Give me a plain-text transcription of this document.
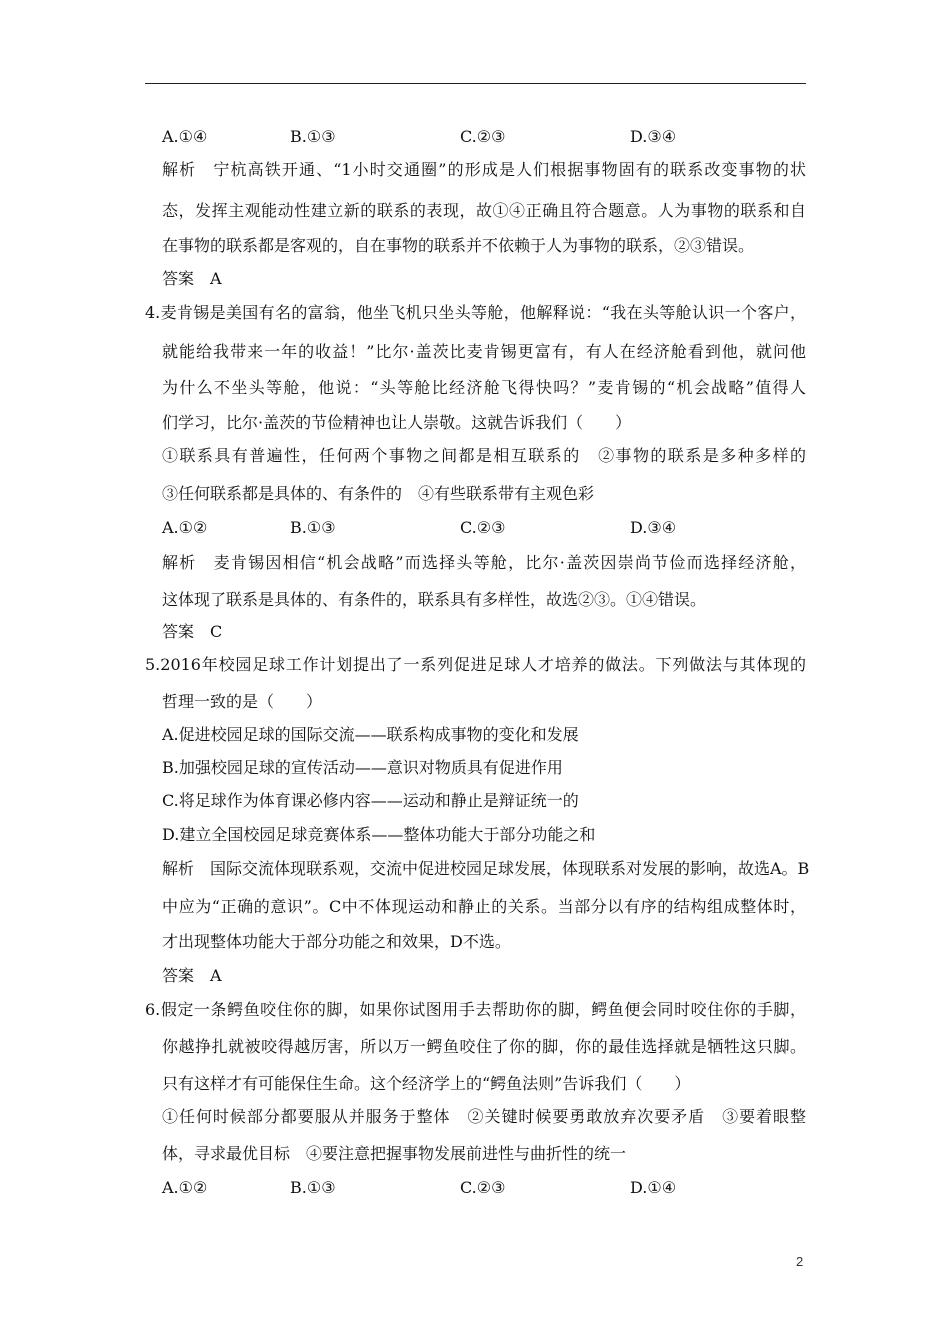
A.①④	B.①③	C.②③	D.③④
解析　宁杭高铁开通、“1小时交通圈”的形成是人们根据事物固有的联系改变事物的状
态，发挥主观能动性建立新的联系的表现，故①④正确且符合题意。人为事物的联系和自
在事物的联系都是客观的，自在事物的联系并不依赖于人为事物的联系，②③错误。
答案　A
4.麦肯锡是美国有名的富翁，他坐飞机只坐头等舱，他解释说：“我在头等舱认识一个客户，
就能给我带来一年的收益！”比尔·盖茨比麦肯锡更富有，有人在经济舱看到他，就问他
为什么不坐头等舱，他说：“头等舱比经济舱飞得快吗？”麦肯锡的“机会战略”值得人
们学习，比尔·盖茨的节俭精神也让人崇敬。这就告诉我们（　　）
①联系具有普遍性，任何两个事物之间都是相互联系的　②事物的联系是多种多样的
③任何联系都是具体的、有条件的　④有些联系带有主观色彩
A.①②	B.①③	C.②③	D.③④
解析　麦肯锡因相信“机会战略”而选择头等舱，比尔·盖茨因崇尚节俭而选择经济舱，
这体现了联系是具体的、有条件的，联系具有多样性，故选②③。①④错误。
答案　C
5.2016年校园足球工作计划提出了一系列促进足球人才培养的做法。下列做法与其体现的
哲理一致的是（　　）
A.促进校园足球的国际交流——联系构成事物的变化和发展
B.加强校园足球的宣传活动——意识对物质具有促进作用
C.将足球作为体育课必修内容——运动和静止是辩证统一的
D.建立全国校园足球竞赛体系——整体功能大于部分功能之和
解析　国际交流体现联系观，交流中促进校园足球发展，体现联系对发展的影响，故选A。B
中应为“正确的意识”。C中不体现运动和静止的关系。当部分以有序的结构组成整体时，
才出现整体功能大于部分功能之和效果，D不选。
答案　A
6.假定一条鳄鱼咬住你的脚，如果你试图用手去帮助你的脚，鳄鱼便会同时咬住你的手脚，
你越挣扎就被咬得越厉害，所以万一鳄鱼咬住了你的脚，你的最佳选择就是牺牲这只脚。
只有这样才有可能保住生命。这个经济学上的“鳄鱼法则”告诉我们（　　）
①任何时候部分都要服从并服务于整体　②关键时候要勇敢放弃次要矛盾　③要着眼整
体，寻求最优目标　④要注意把握事物发展前进性与曲折性的统一
A.①②	B.①③	C.②③	D.①④
2
